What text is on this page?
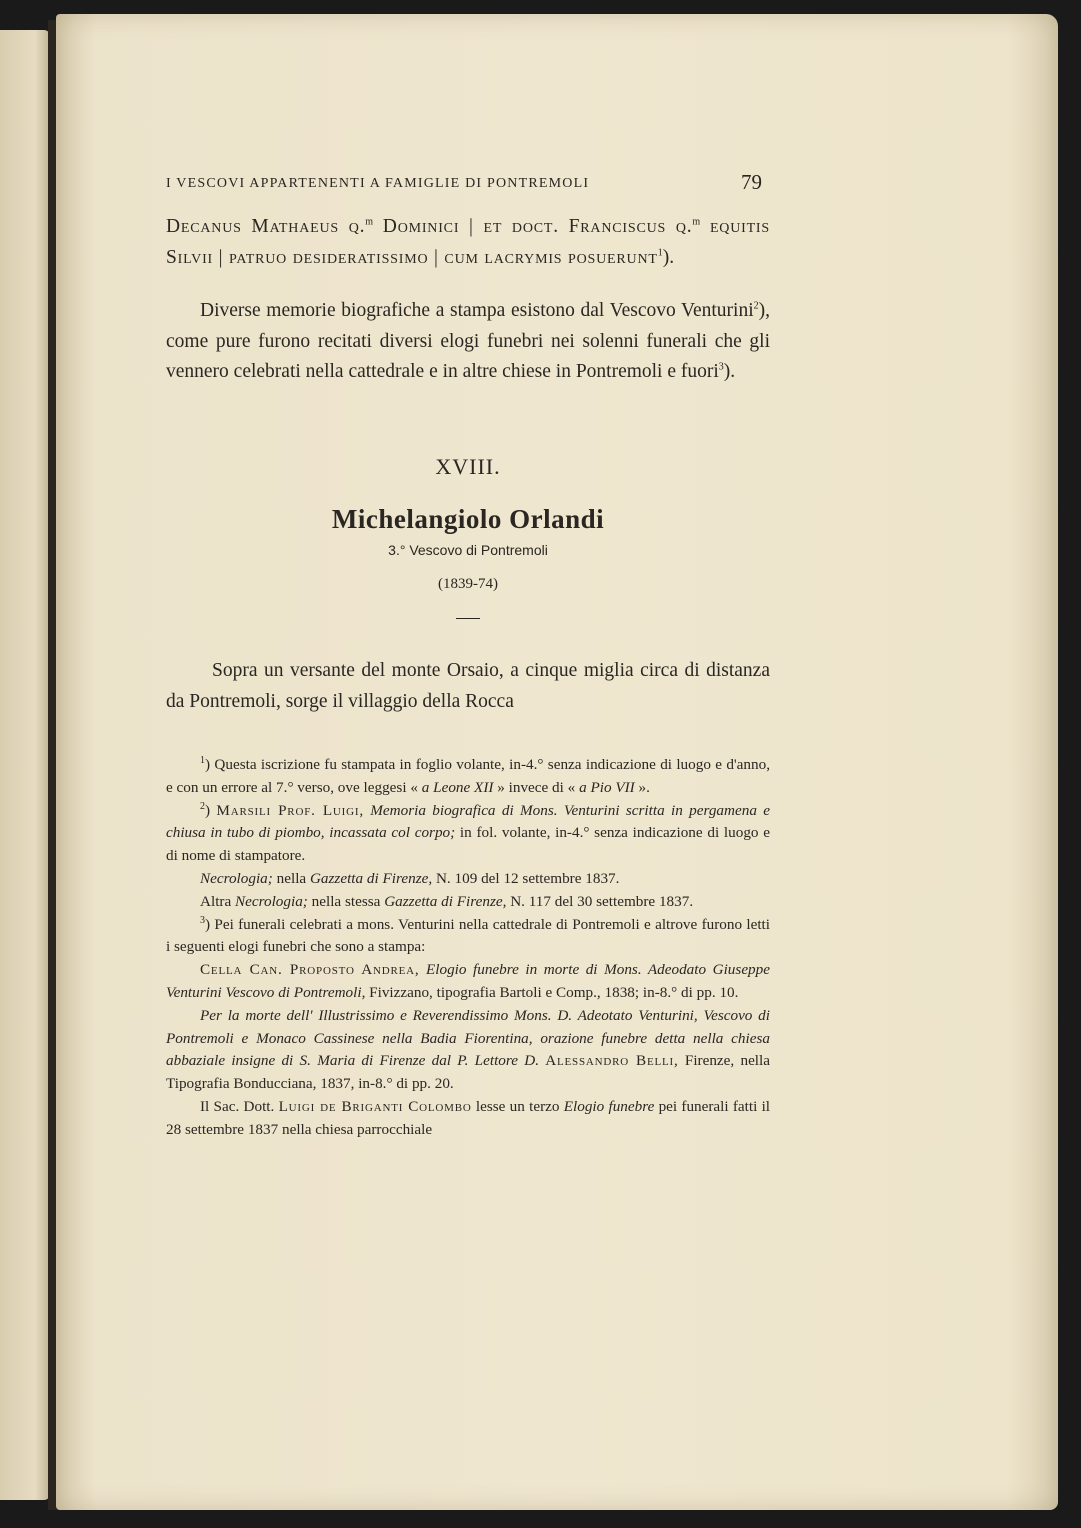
I VESCOVI APPARTENENTI A FAMIGLIE DI PONTREMOLI	79

Decanus Mathaeus q.$^m$ Dominici | et doct. Franciscus q.$^m$ equitis Silvii | patruo desideratissimo | cum lacrymis posuerunt$^1$).

Diverse memorie biografiche a stampa esistono dal Vescovo Venturini$^2$), come pure furono recitati diversi elogi funebri nei solenni funerali che gli vennero celebrati nella cattedrale e in altre chiese in Pontremoli e fuori$^3$).

XVIII.
Michelangiolo Orlandi
3.° Vescovo di Pontremoli
(1839-74)

Sopra un versante del monte Orsaio, a cinque miglia circa di distanza da Pontremoli, sorge il villaggio della Rocca

$^1$) Questa iscrizione fu stampata in foglio volante, in-4.° senza indicazione di luogo e d'anno, e con un errore al 7.° verso, ove leggesi « a Leone XII » invece di « a Pio VII ».

$^2$) Marsili Prof. Luigi, Memoria biografica di Mons. Venturini scritta in pergamena e chiusa in tubo di piombo, incassata col corpo; in fol. volante, in-4.° senza indicazione di luogo e di nome di stampatore.

Necrologia; nella Gazzetta di Firenze, N. 109 del 12 settembre 1837.

Altra Necrologia; nella stessa Gazzetta di Firenze, N. 117 del 30 settembre 1837.

$^3$) Pei funerali celebrati a mons. Venturini nella cattedrale di Pontremoli e altrove furono letti i seguenti elogi funebri che sono a stampa:

Cella Can. Proposto Andrea, Elogio funebre in morte di Mons. Adeodato Giuseppe Venturini Vescovo di Pontremoli, Fivizzano, tipografia Bartoli e Comp., 1838; in-8.° di pp. 10.

Per la morte dell' Illustrissimo e Reverendissimo Mons. D. Adeotato Venturini, Vescovo di Pontremoli e Monaco Cassinese nella Badia Fiorentina, orazione funebre detta nella chiesa abbaziale insigne di S. Maria di Firenze dal P. Lettore D. Alessandro Belli, Firenze, nella Tipografia Bonducciana, 1837, in-8.° di pp. 20.

Il Sac. Dott. Luigi de Briganti Colombo lesse un terzo Elogio funebre pei funerali fatti il 28 settembre 1837 nella chiesa parrocchiale
